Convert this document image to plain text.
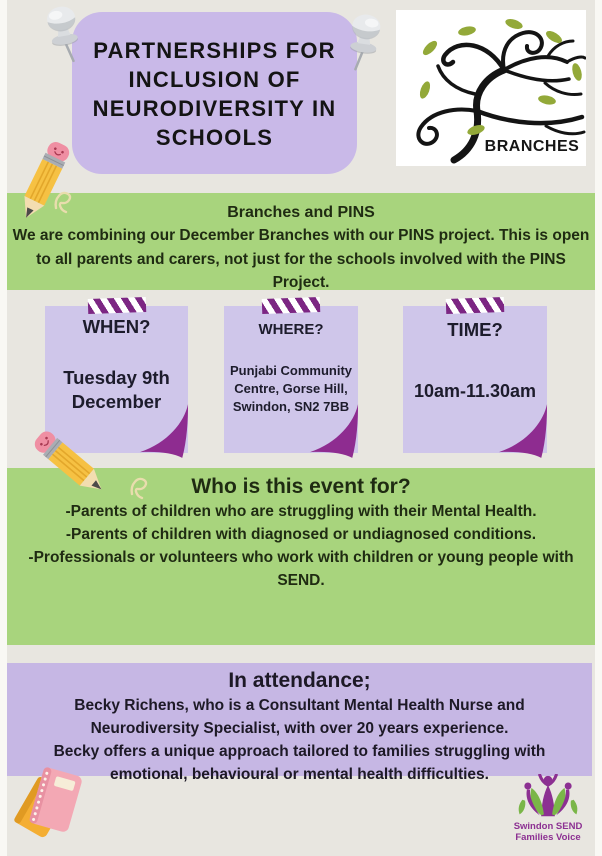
PARTNERSHIPS FOR
INCLUSION OF
NEURODIVERSITY IN
SCHOOLS	BRANCHES
Branches and PINS
We are combining our December Branches with our PINS project. This is open to all parents and carers, not just for the schools involved with the PINS Project.
WHEN?
Tuesday 9th December
WHERE?
Punjabi Community Centre, Gorse Hill, Swindon, SN2 7BB
TIME?
10am-11.30am
Who is this event for?
-Parents of children who are struggling with their Mental Health.
-Parents of children with diagnosed or undiagnosed conditions.
-Professionals or volunteers who work with children or young people with SEND.
In attendance;
Becky Richens, who is a Consultant Mental Health Nurse and Neurodiversity Specialist, with over 20 years experience.
Becky offers a unique approach tailored to families struggling with emotional, behavioural or mental health difficulties.
Swindon SEND
Families Voice
